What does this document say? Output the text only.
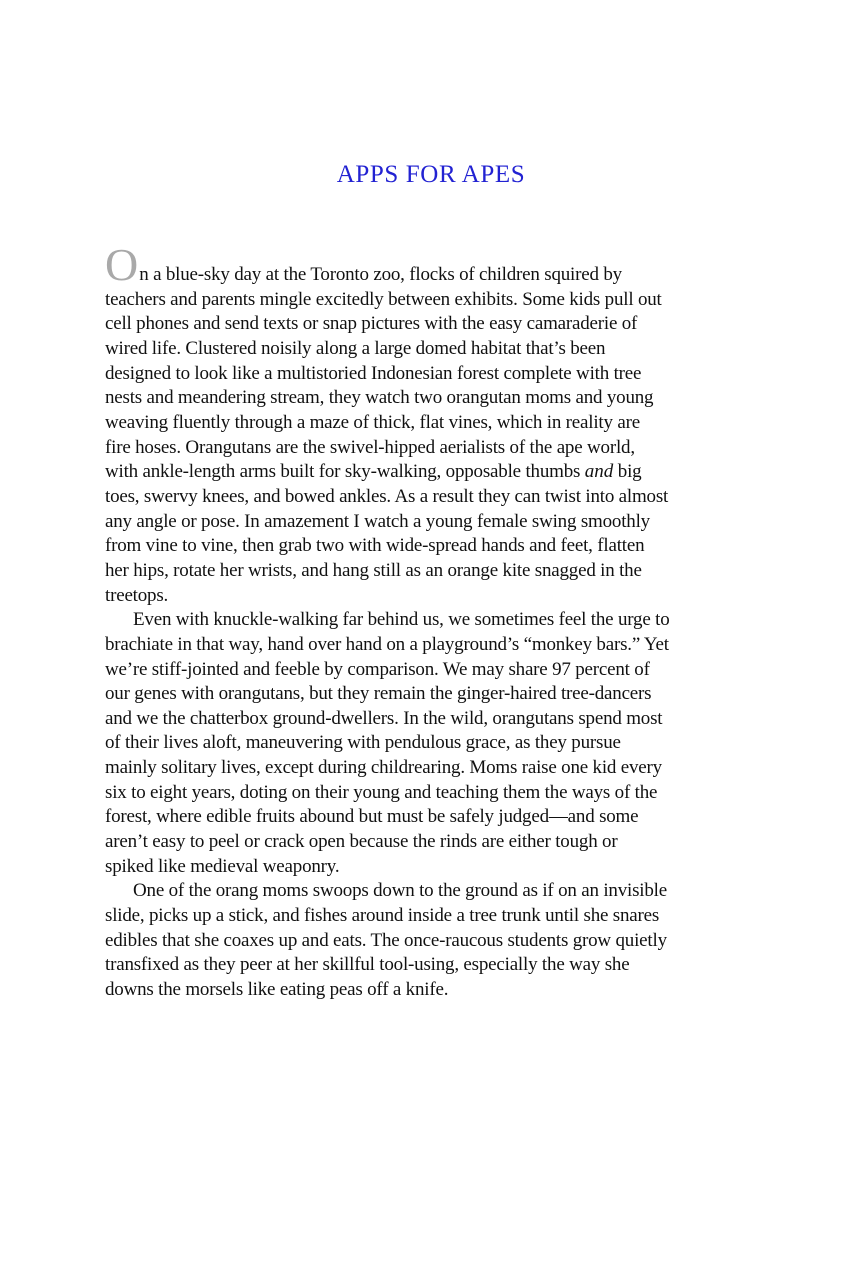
APPS FOR APES
On a blue-sky day at the Toronto zoo, flocks of children squired by
teachers and parents mingle excitedly between exhibits. Some kids pull out
cell phones and send texts or snap pictures with the easy camaraderie of
wired life. Clustered noisily along a large domed habitat that’s been
designed to look like a multistoried Indonesian forest complete with tree
nests and meandering stream, they watch two orangutan moms and young
weaving fluently through a maze of thick, flat vines, which in reality are
fire hoses. Orangutans are the swivel-hipped aerialists of the ape world,
with ankle-length arms built for sky-walking, opposable thumbs and big
toes, swervy knees, and bowed ankles. As a result they can twist into almost
any angle or pose. In amazement I watch a young female swing smoothly
from vine to vine, then grab two with wide-spread hands and feet, flatten
her hips, rotate her wrists, and hang still as an orange kite snagged in the
treetops.
Even with knuckle-walking far behind us, we sometimes feel the urge to
brachiate in that way, hand over hand on a playground’s “monkey bars.” Yet
we’re stiff-jointed and feeble by comparison. We may share 97 percent of
our genes with orangutans, but they remain the ginger-haired tree-dancers
and we the chatterbox ground-dwellers. In the wild, orangutans spend most
of their lives aloft, maneuvering with pendulous grace, as they pursue
mainly solitary lives, except during childrearing. Moms raise one kid every
six to eight years, doting on their young and teaching them the ways of the
forest, where edible fruits abound but must be safely judged—and some
aren’t easy to peel or crack open because the rinds are either tough or
spiked like medieval weaponry.
One of the orang moms swoops down to the ground as if on an invisible
slide, picks up a stick, and fishes around inside a tree trunk until she snares
edibles that she coaxes up and eats. The once-raucous students grow quietly
transfixed as they peer at her skillful tool-using, especially the way she
downs the morsels like eating peas off a knife.
